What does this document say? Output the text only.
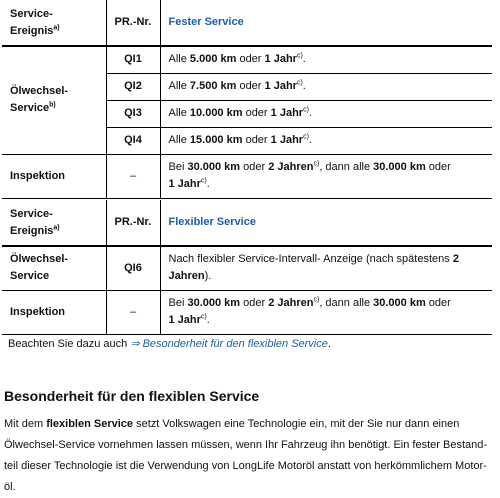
Service-
Ereignis$^{a)}$	PR.-Nr.	Fester Service
Ölwechsel-
Service$^{b)}$	QI1	Alle 5.000 km oder 1 Jahr$^{c)}$.
	QI2	Alle 7.500 km oder 1 Jahr$^{c)}$.
	QI3	Alle 10.000 km oder 1 Jahr$^{c)}$.
	QI4	Alle 15.000 km oder 1 Jahr$^{c)}$.
Inspektion	–	Bei 30.000 km oder 2 Jahren$^{c)}$, dann alle 30.000 km oder
1 Jahr$^{c)}$.
Service-
Ereignis$^{a)}$	PR.-Nr.	Flexibler Service
Ölwechsel-
Service	QI6	Nach flexibler Service-Intervall- Anzeige (nach spätestens 2 Jahren).
Inspektion	–	Bei 30.000 km oder 2 Jahren$^{c)}$, dann alle 30.000 km oder
1 Jahr$^{c)}$.
Beachten Sie dazu auch ⇒ Besonderheit für den flexiblen Service.
Besonderheit für den flexiblen Service

Mit dem flexiblen Service setzt Volkswagen eine Technologie ein, mit der Sie nur dann einen Ölwechsel-Service vornehmen lassen müssen, wenn Ihr Fahrzeug ihn benötigt. Ein fester Bestandteil dieser Technologie ist die Verwendung von LongLife Motoröl anstatt von herkömmlichem Motoröl.
